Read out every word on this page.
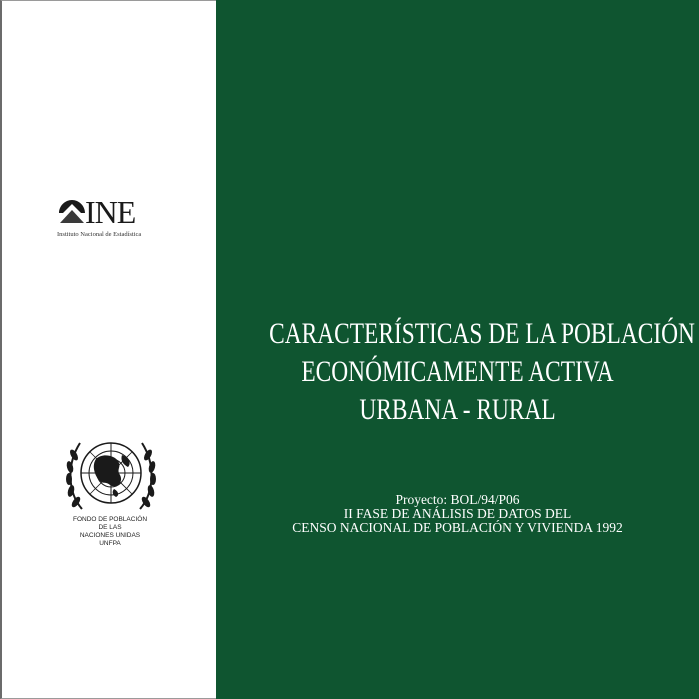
INE
Instituto Nacional de Estadística
FONDO DE POBLACIÓN
DE LAS
NACIONES UNIDAS
UNFPA
CARACTERÍSTICAS DE LA POBLACIÓN
ECONÓMICAMENTE ACTIVA
URBANA - RURAL
Proyecto: BOL/94/P06
II FASE DE ANÁLISIS DE DATOS DEL
CENSO NACIONAL DE POBLACIÓN Y VIVIENDA 1992
